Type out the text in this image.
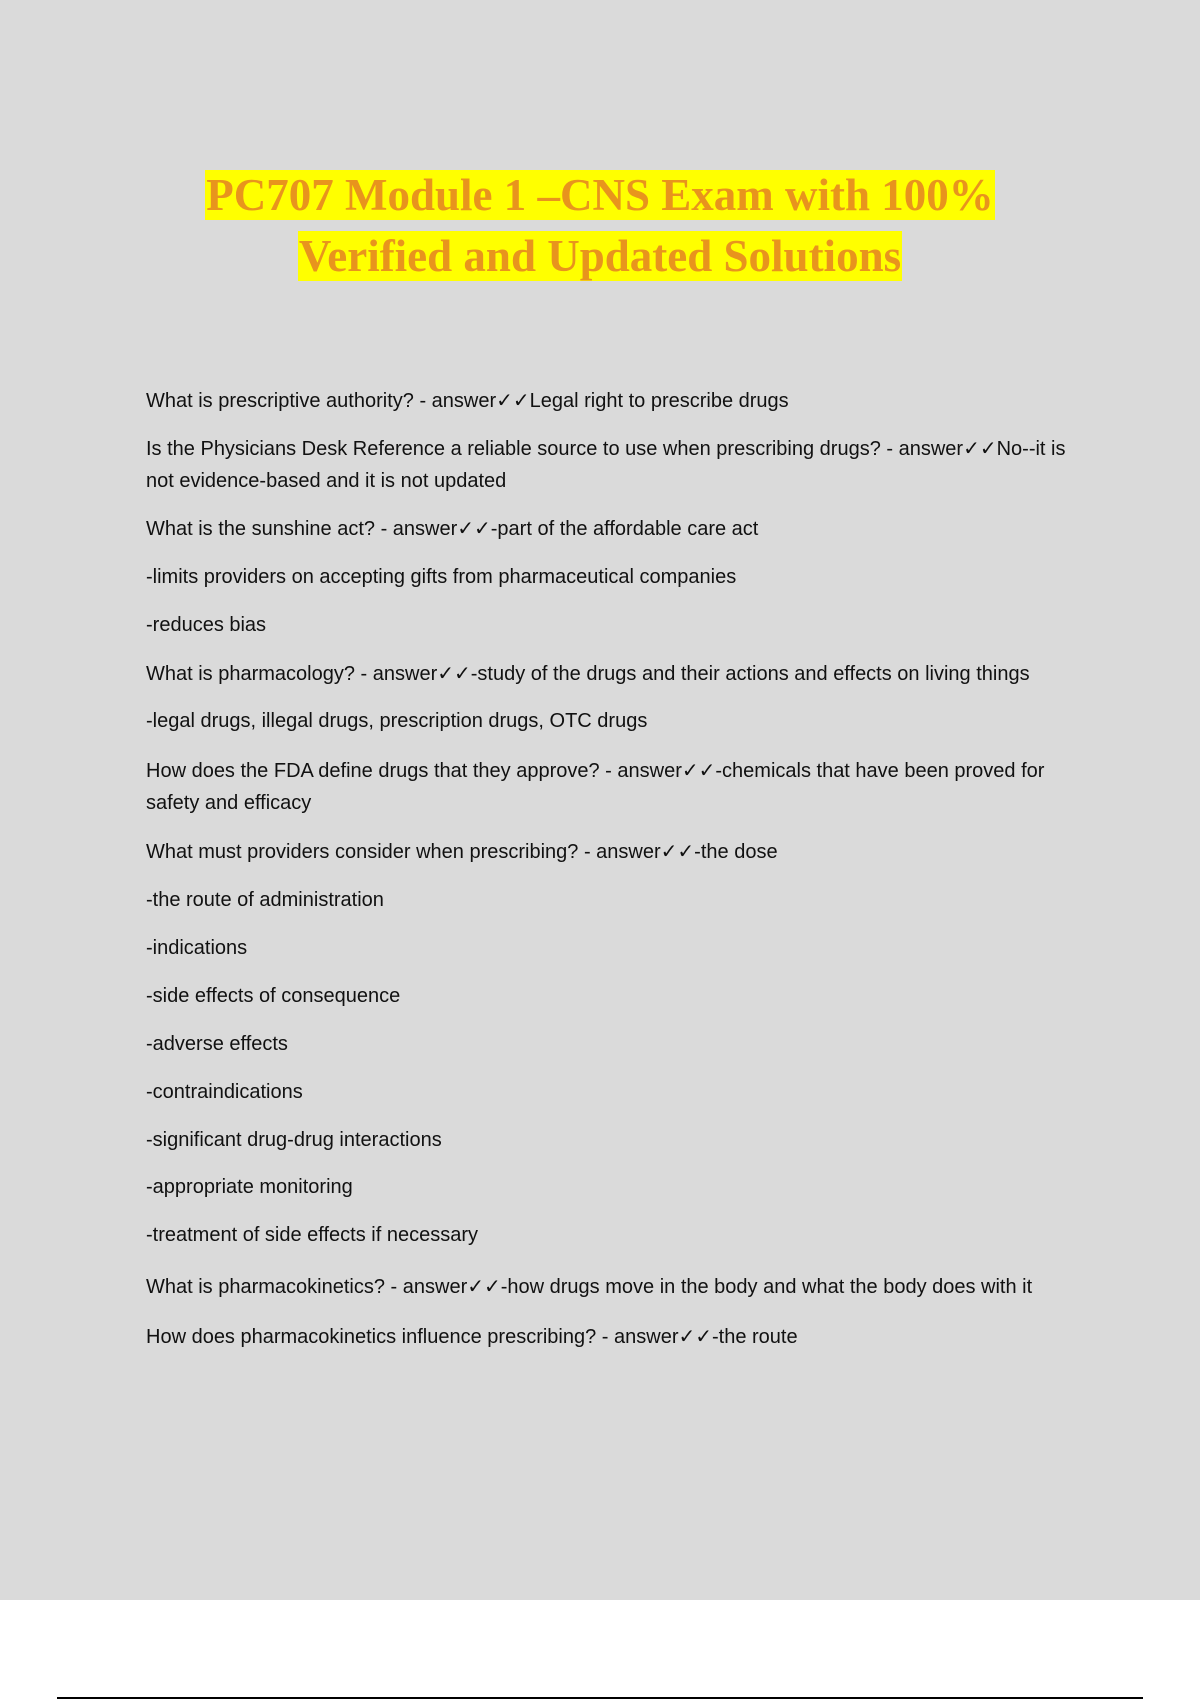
PC707 Module 1 –CNS Exam with 100%
Verified and Updated Solutions

What is prescriptive authority? - answer✓✓Legal right to prescribe drugs

Is the Physicians Desk Reference a reliable source to use when prescribing drugs? - answer✓✓No--it is not evidence-based and it is not updated

What is the sunshine act? - answer✓✓-part of the affordable care act

-limits providers on accepting gifts from pharmaceutical companies

-reduces bias

What is pharmacology? - answer✓✓-study of the drugs and their actions and effects on living things

-legal drugs, illegal drugs, prescription drugs, OTC drugs

How does the FDA define drugs that they approve? - answer✓✓-chemicals that have been proved for safety and efficacy

What must providers consider when prescribing? - answer✓✓-the dose

-the route of administration

-indications

-side effects of consequence

-adverse effects

-contraindications

-significant drug-drug interactions

-appropriate monitoring

-treatment of side effects if necessary

What is pharmacokinetics? - answer✓✓-how drugs move in the body and what the body does with it

How does pharmacokinetics influence prescribing? - answer✓✓-the route
